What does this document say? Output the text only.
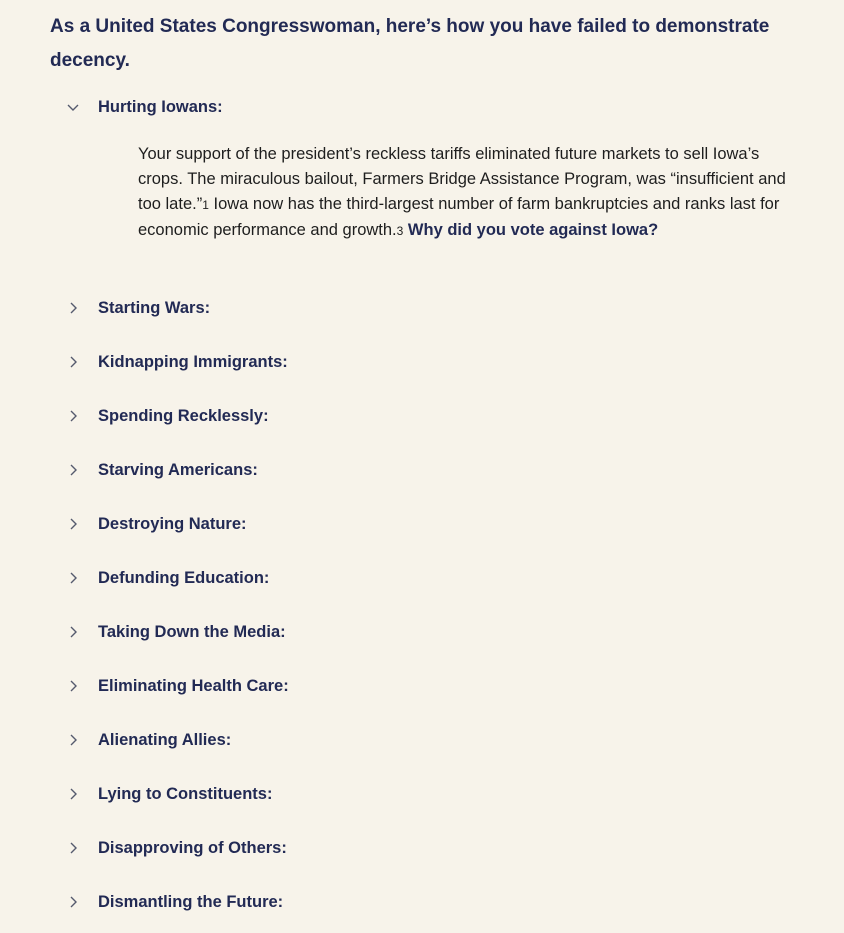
As a United States Congresswoman, here’s how you have failed to demonstrate decency.
Hurting Iowans:
Your support of the president’s reckless tariffs eliminated future markets to sell Iowa’s crops. The miraculous bailout, Farmers Bridge Assistance Program, was “insufficient and too late.”1 Iowa now has the third-largest number of farm bankruptcies and ranks last for economic performance and growth.3 Why did you vote against Iowa?
Starting Wars:
Kidnapping Immigrants:
Spending Recklessly:
Starving Americans:
Destroying Nature:
Defunding Education:
Taking Down the Media:
Eliminating Health Care:
Alienating Allies:
Lying to Constituents:
Disapproving of Others:
Dismantling the Future:
